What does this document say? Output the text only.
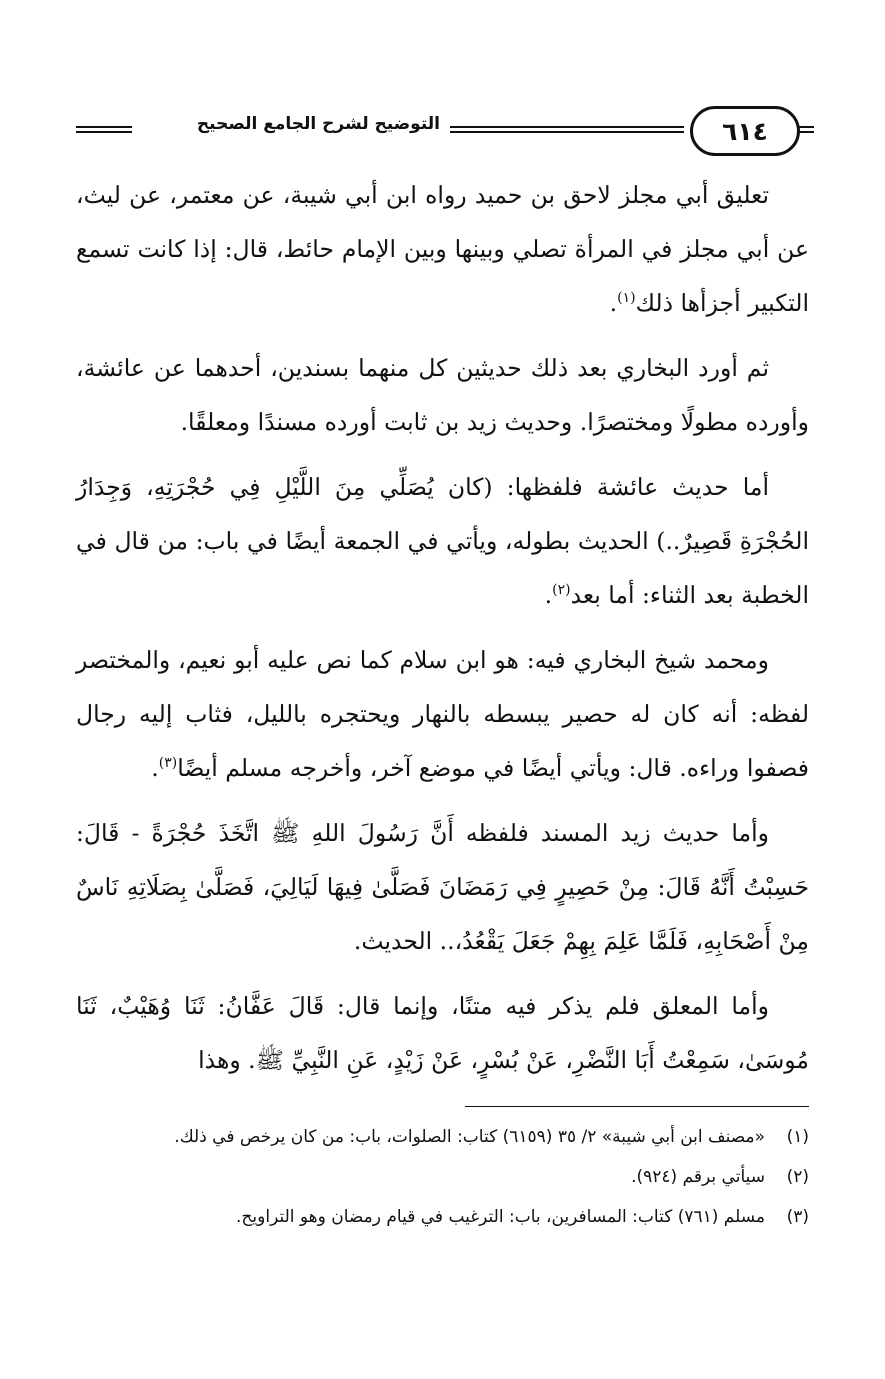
٦١٤
التوضيح لشرح الجامع الصحيح

تعليق أبي مجلز لاحق بن حميد رواه ابن أبي شيبة، عن معتمر، عن ليث، عن أبي مجلز في المرأة تصلي وبينها وبين الإمام حائط، قال: إذا كانت تسمع التكبير أجزأها ذلك$^{(١)}$.

ثم أورد البخاري بعد ذلك حديثين كل منهما بسندين، أحدهما عن عائشة، وأورده مطولًا ومختصرًا. وحديث زيد بن ثابت أورده مسندًا ومعلقًا.

أما حديث عائشة فلفظها: (كان يُصَلِّي مِنَ اللَّيْلِ فِي حُجْرَتِهِ، وَجِدَارُ الحُجْرَةِ قَصِيرٌ..) الحديث بطوله، ويأتي في الجمعة أيضًا في باب: من قال في الخطبة بعد الثناء: أما بعد$^{(٢)}$.

ومحمد شيخ البخاري فيه: هو ابن سلام كما نص عليه أبو نعيم، والمختصر لفظه: أنه كان له حصير يبسطه بالنهار ويحتجره بالليل، فثاب إليه رجال فصفوا وراءه. قال: ويأتي أيضًا في موضع آخر، وأخرجه مسلم أيضًا$^{(٣)}$.

وأما حديث زيد المسند فلفظه أَنَّ رَسُولَ اللهِ ﷺ اتَّخَذَ حُجْرَةً - قَالَ: حَسِبْتُ أَنَّهُ قَالَ: مِنْ حَصِيرٍ فِي رَمَضَانَ فَصَلَّىٰ فِيهَا لَيَالِيَ، فَصَلَّىٰ بِصَلَاتِهِ نَاسٌ مِنْ أَصْحَابِهِ، فَلَمَّا عَلِمَ بِهِمْ جَعَلَ يَقْعُدُ،.. الحديث.

وأما المعلق فلم يذكر فيه متنًا، وإنما قال: قَالَ عَفَّانُ: ثَنَا وُهَيْبٌ، ثَنَا مُوسَىٰ، سَمِعْتُ أَبَا النَّضْرِ، عَنْ بُسْرٍ، عَنْ زَيْدٍ، عَنِ النَّبِيِّ ﷺ. وهذا

(١)
«مصنف ابن أبي شيبة» ٢/ ٣٥ (٦١٥٩) كتاب: الصلوات، باب: من كان يرخص في ذلك.
(٢)
سيأتي برقم (٩٢٤).
(٣)
مسلم (٧٦١) كتاب: المسافرين، باب: الترغيب في قيام رمضان وهو التراويح.
